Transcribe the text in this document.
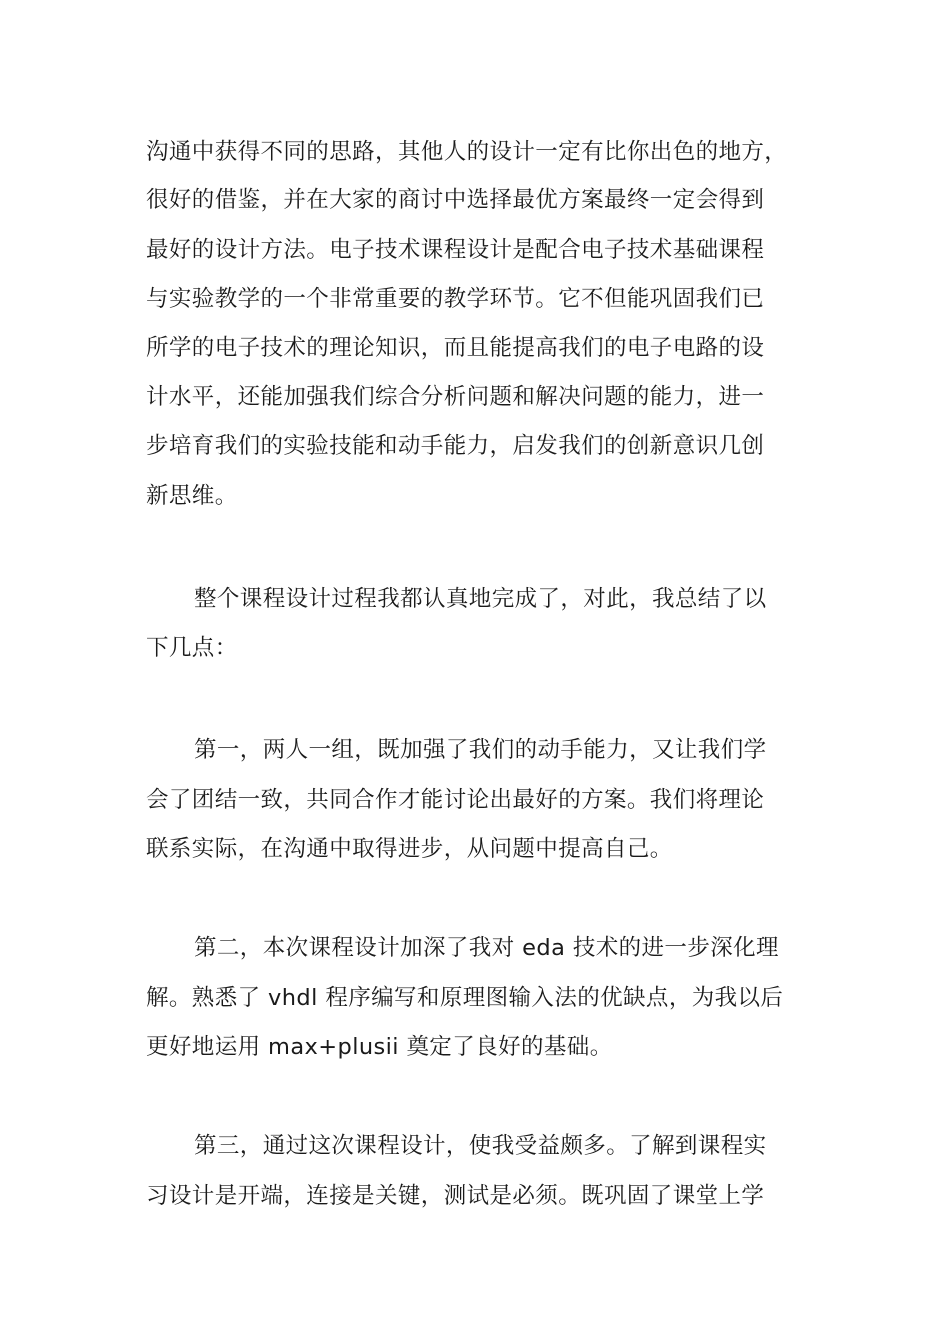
沟通中获得不同的思路，其他人的设计一定有比你出色的地方，
很好的借鉴，并在大家的商讨中选择最优方案最终一定会得到
最好的设计方法。电子技术课程设计是配合电子技术基础课程
与实验教学的一个非常重要的教学环节。它不但能巩固我们已
所学的电子技术的理论知识，而且能提高我们的电子电路的设
计水平，还能加强我们综合分析问题和解决问题的能力，进一
步培育我们的实验技能和动手能力，启发我们的创新意识几创
新思维。
整个课程设计过程我都认真地完成了，对此，我总结了以
下几点：
第一，两人一组，既加强了我们的动手能力，又让我们学
会了团结一致，共同合作才能讨论出最好的方案。我们将理论
联系实际，在沟通中取得进步，从问题中提高自己。
第二，本次课程设计加深了我对 eda 技术的进一步深化理
解。熟悉了 vhdl 程序编写和原理图输入法的优缺点，为我以后
更好地运用 max+plusii 奠定了良好的基础。
第三，通过这次课程设计，使我受益颇多。了解到课程实
习设计是开端，连接是关键，测试是必须。既巩固了课堂上学
